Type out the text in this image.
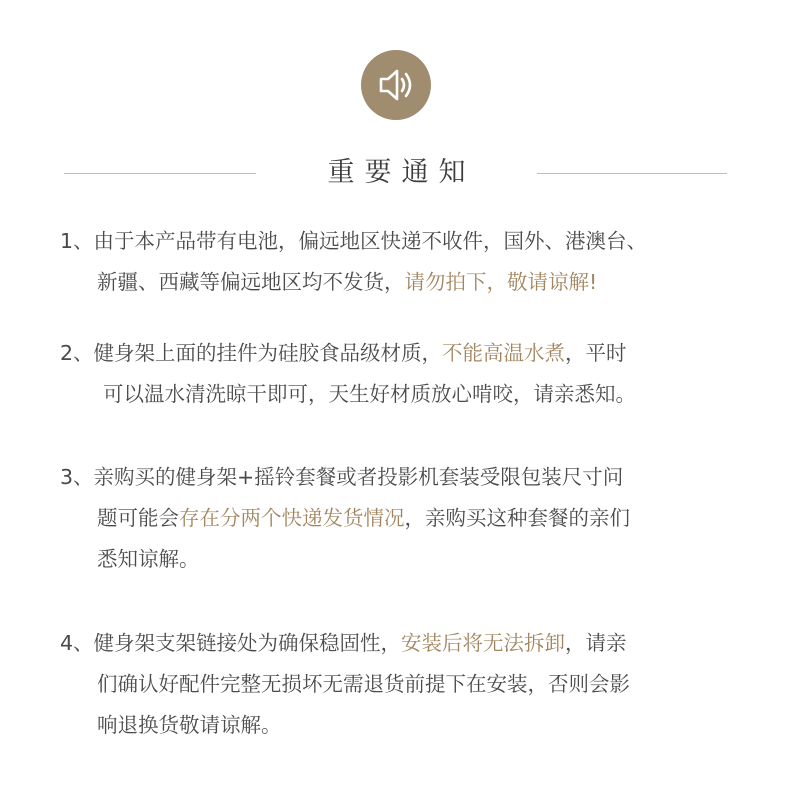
重要通知
1、由于本产品带有电池，偏远地区快递不收件，国外、港澳台、
新疆、西藏等偏远地区均不发货，请勿拍下，敬请谅解!
2、健身架上面的挂件为硅胶食品级材质，不能高温水煮，平时
可以温水清洗晾干即可，天生好材质放心啃咬，请亲悉知。
3、亲购买的健身架+摇铃套餐或者投影机套装受限包装尺寸问
题可能会存在分两个快递发货情况，亲购买这种套餐的亲们
悉知谅解。
4、健身架支架链接处为确保稳固性，安装后将无法拆卸，请亲
们确认好配件完整无损坏无需退货前提下在安装，否则会影
响退换货敬请谅解。
